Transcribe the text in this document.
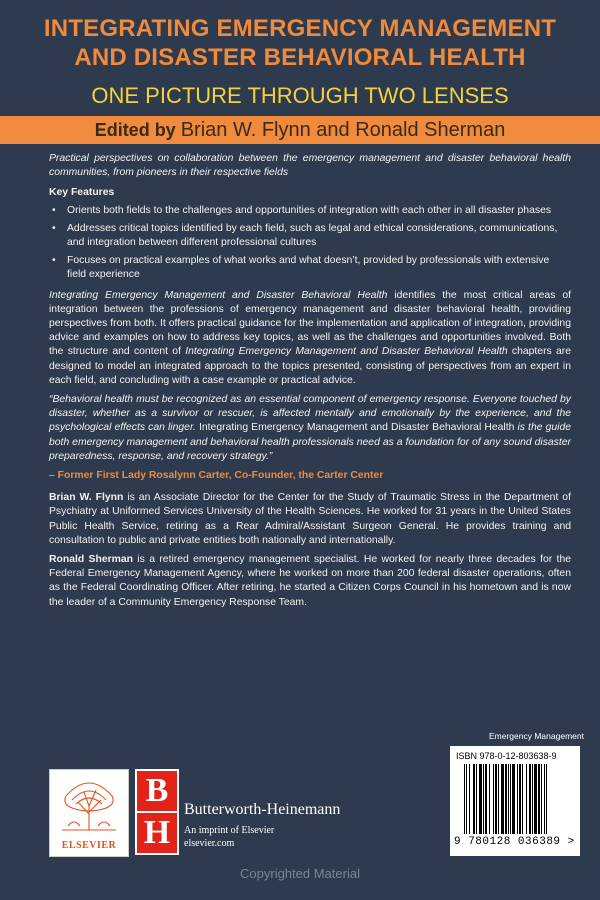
INTEGRATING EMERGENCY MANAGEMENT
AND DISASTER BEHAVIORAL HEALTH
ONE PICTURE THROUGH TWO LENSES
Edited by Brian W. Flynn and Ronald Sherman

Practical perspectives on collaboration between the emergency management and disaster behavioral health communities, from pioneers in their respective fields

Key Features
• Orients both fields to the challenges and opportunities of integration with each other in all disaster phases
• Addresses critical topics identified by each field, such as legal and ethical considerations, communications, and integration between different professional cultures
• Focuses on practical examples of what works and what doesn’t, provided by professionals with extensive field experience

Integrating Emergency Management and Disaster Behavioral Health identifies the most critical areas of integration between the professions of emergency management and disaster behavioral health, providing perspectives from both. It offers practical guidance for the implementation and application of integration, providing advice and examples on how to address key topics, as well as the challenges and opportunities involved. Both the structure and content of Integrating Emergency Management and Disaster Behavioral Health chapters are designed to model an integrated approach to the topics presented, consisting of perspectives from an expert in each field, and concluding with a case example or practical advice.

“Behavioral health must be recognized as an essential component of emergency response. Everyone touched by disaster, whether as a survivor or rescuer, is affected mentally and emotionally by the experience, and the psychological effects can linger. Integrating Emergency Management and Disaster Behavioral Health is the guide both emergency management and behavioral health professionals need as a foundation for of any sound disaster preparedness, response, and recovery strategy.”

– Former First Lady Rosalynn Carter, Co-Founder, the Carter Center

Brian W. Flynn is an Associate Director for the Center for the Study of Traumatic Stress in the Department of Psychiatry at Uniformed Services University of the Health Sciences. He worked for 31 years in the United States Public Health Service, retiring as a Rear Admiral/Assistant Surgeon General. He provides training and consultation to public and private entities both nationally and internationally.

Ronald Sherman is a retired emergency management specialist. He worked for nearly three decades for the Federal Emergency Management Agency, where he worked on more than 200 federal disaster operations, often as the Federal Coordinating Officer. After retiring, he started a Citizen Corps Council in his hometown and is now the leader of a Community Emergency Response Team.

Emergency Management
ISBN 978-0-12-803638-9
9 780128 036389 >
ELSEVIER
B
H
Butterworth-Heinemann
An imprint of Elsevier
elsevier.com
Copyrighted Material
